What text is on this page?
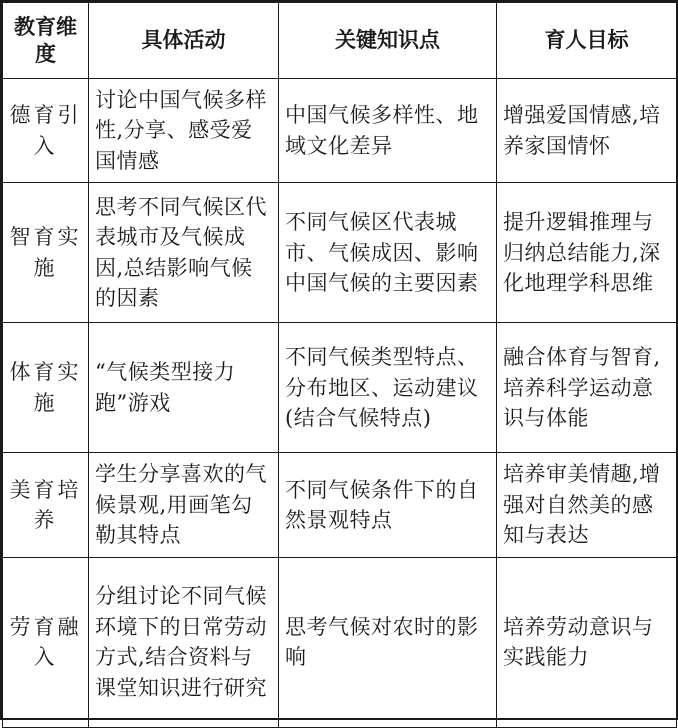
教育维度	具体活动	关键知识点	育人目标
德育引入	讨论中国气候多样性,分享、感受爱国情感	中国气候多样性、地域文化差异	增强爱国情感,培养家国情怀
智育实施	思考不同气候区代表城市及气候成因,总结影响气候的因素	不同气候区代表城市、气候成因、影响中国气候的主要因素	提升逻辑推理与归纳总结能力,深化地理学科思维
体育实施	“气候类型接力跑”游戏	不同气候类型特点、分布地区、运动建议(结合气候特点)	融合体育与智育,培养科学运动意识与体能
美育培养	学生分享喜欢的气候景观,用画笔勾勒其特点	不同气候条件下的自然景观特点	培养审美情趣,增强对自然美的感知与表达
劳育融入	分组讨论不同气候环境下的日常劳动方式,结合资料与课堂知识进行研究	思考气候对农时的影响	培养劳动意识与实践能力
